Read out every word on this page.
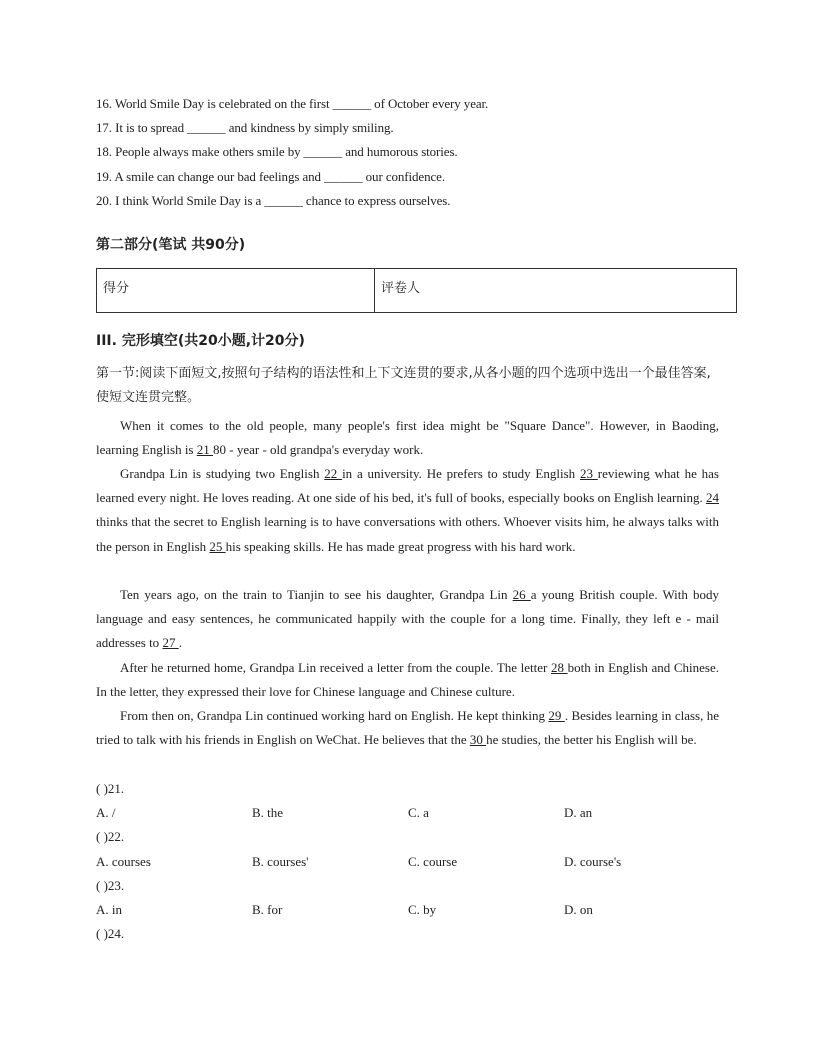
16. World Smile Day is celebrated on the first ______ of October every year.
17. It is to spread ______ and kindness by simply smiling.
18. People always make others smile by ______ and humorous stories.
19. A smile can change our bad feelings and ______ our confidence.
20. I think World Smile Day is a ______ chance to express ourselves.
第二部分(笔试 共90分)
得分	评卷人
III. 完形填空(共20小题,计20分)
第一节:阅读下面短文,按照句子结构的语法性和上下文连贯的要求,从各小题的四个选项中选出一个最佳答案,使短文连贯完整。
When it comes to the old people, many people's first idea might be "Square Dance". However, in Baoding, learning English is 21 80 - year - old grandpa's everyday work.
Grandpa Lin is studying two English 22 in a university. He prefers to study English 23 reviewing what he has learned every night. He loves reading. At one side of his bed, it's full of books, especially books on English learning. 24 thinks that the secret to English learning is to have conversations with others. Whoever visits him, he always talks with the person in English 25 his speaking skills. He has made great progress with his hard work.
Ten years ago, on the train to Tianjin to see his daughter, Grandpa Lin 26 a young British couple. With body language and easy sentences, he communicated happily with the couple for a long time. Finally, they left e - mail addresses to 27 .
After he returned home, Grandpa Lin received a letter from the couple. The letter 28 both in English and Chinese. In the letter, they expressed their love for Chinese language and Chinese culture.
From then on, Grandpa Lin continued working hard on English. He kept thinking 29 . Besides learning in class, he tried to talk with his friends in English on WeChat. He believes that the 30 he studies, the better his English will be.
( )21.
A. /	B. the	C. a	D. an
( )22.
A. courses	B. courses'	C. course	D. course's
( )23.
A. in	B. for	C. by	D. on
( )24.
